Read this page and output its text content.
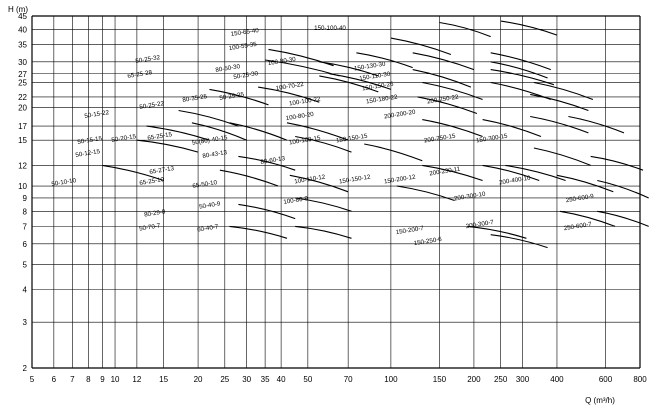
150-65-40	150-100-40
100-55-35
50-25-32
65-25-28
80-50-30
100-80-30	150-130-30
50-25-30	150-110-30
100-70-22	150-150-26
80-35-25 50-25-25	100-100-22	150-180-22	200-250-22
50-25-22
50-15-22	100-80-20	200-200-20
100-100-15 150-150-15	200-250-15	150-300-15
50-15-15 50-20-15 65-25-15	50(80)-40-15
50-12-15	80-43-13
80-60-13
200-230-11
200-400-10
65-27-13
100-110-12 150-150-12 150-200-12
200-300-10	250-600-9
50-10-10	65-25-10	65-50-10
100-80-9
50-40-9
80-29-8
200-300-7	250-600-7
50-70-7	60-40-7	150-200-7
150-250-6
5 6 7 8 9 10 12 15	20 25 30 35 40 50	70	100	150	200 250 300	400	600	800
2
3
4
5
6
7
8
9
10
12
15
17
20
22
25
27
30
35
40
45
H (m)
Q (m³/h)
